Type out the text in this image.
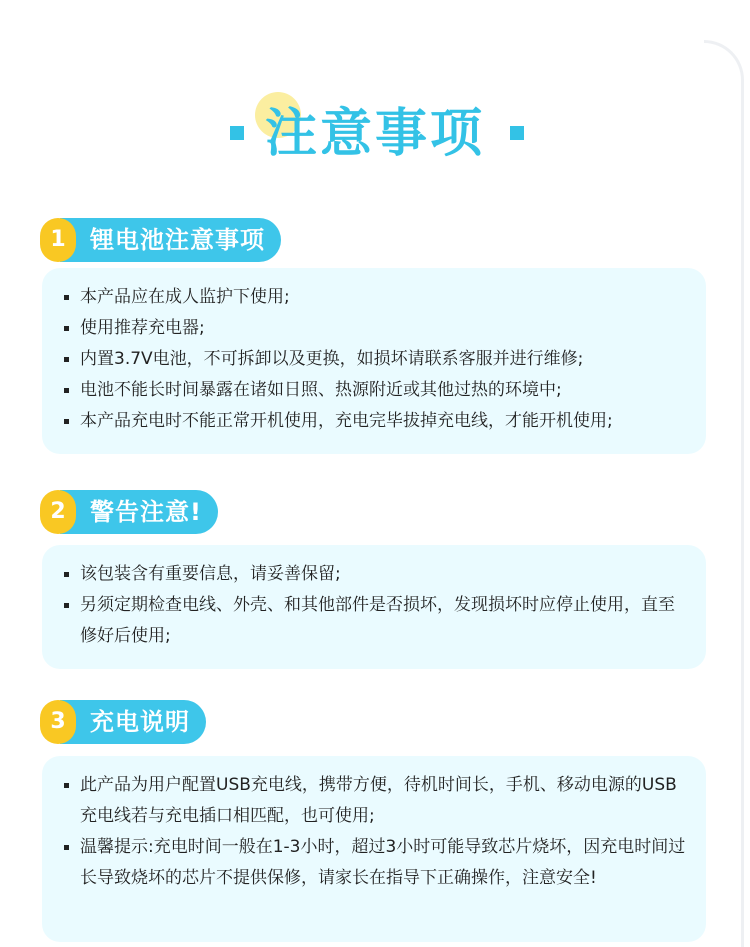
注意事项
1	锂电池注意事项
本产品应在成人监护下使用;
使用推荐充电器;
内置3.7V电池，不可拆卸以及更换，如损坏请联系客服并进行维修;
电池不能长时间暴露在诸如日照、热源附近或其他过热的环境中;
本产品充电时不能正常开机使用，充电完毕拔掉充电线，才能开机使用;
2	警告注意!
该包装含有重要信息，请妥善保留;
另须定期检查电线、外壳、和其他部件是否损坏，发现损坏时应停止使用，直至修好后使用;
3	充电说明
此产品为用户配置USB充电线，携带方便，待机时间长，手机、移动电源的USB充电线若与充电插口相匹配，也可使用;
温馨提示:充电时间一般在1-3小时，超过3小时可能导致芯片烧坏，因充电时间过长导致烧坏的芯片不提供保修，请家长在指导下正确操作，注意安全!
